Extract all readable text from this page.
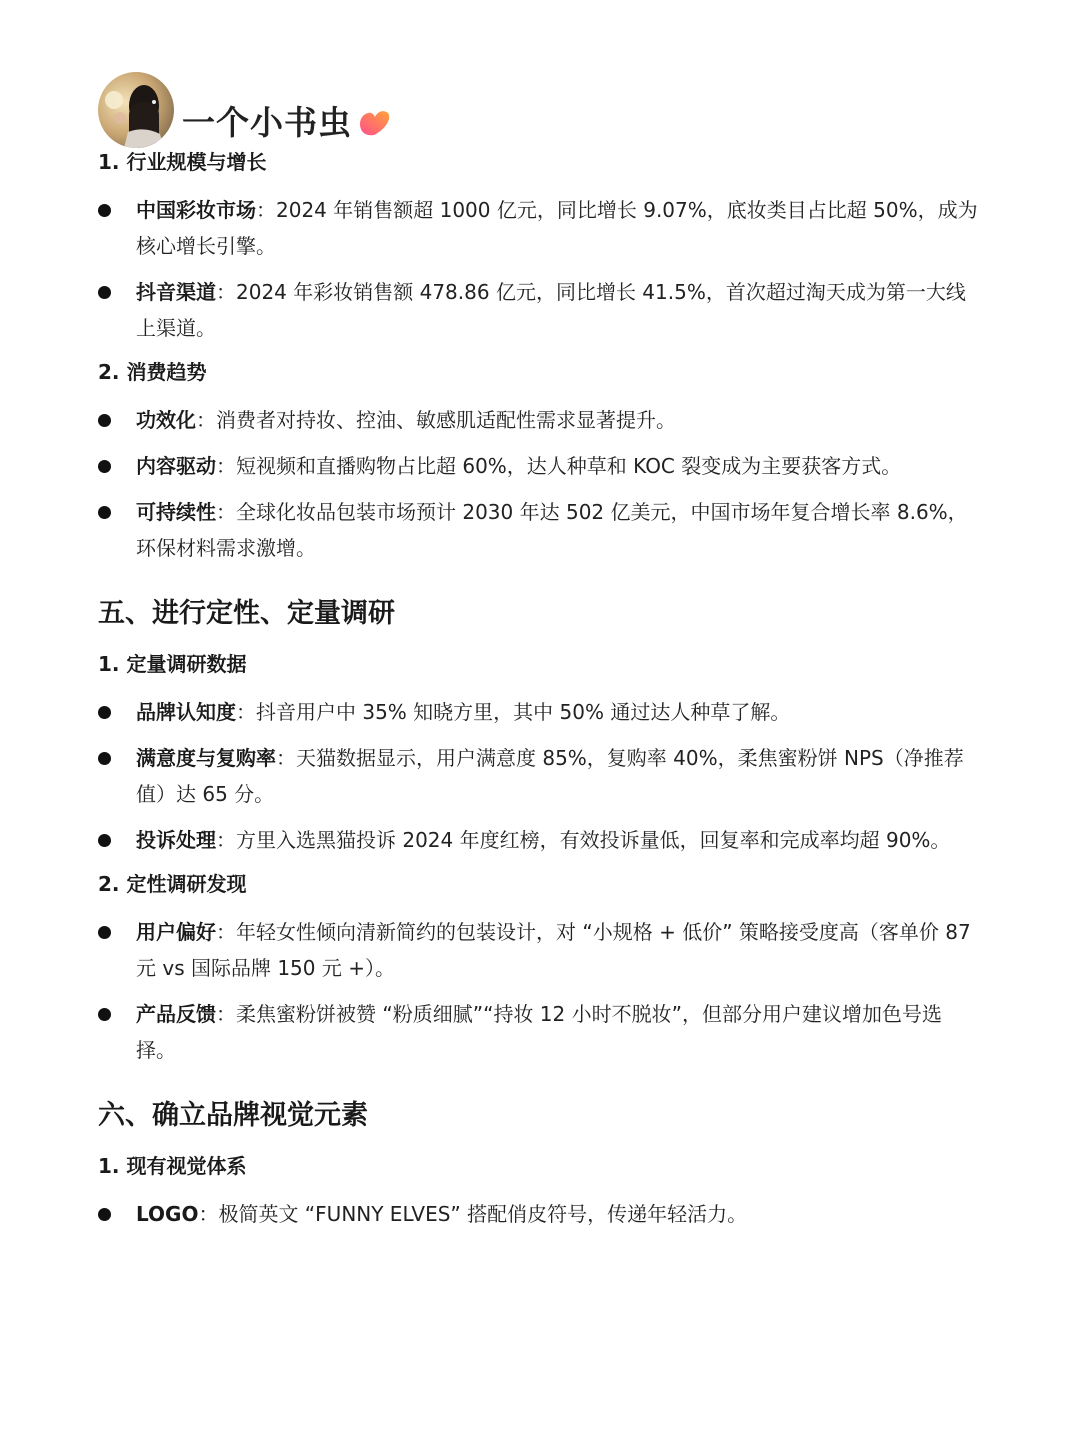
一个小书虫

1. 行业规模与增长

中国彩妆市场：2024 年销售额超 1000 亿元，同比增长 9.07%，底妆类目占比超 50%，成为核心增长引擎。

抖音渠道：2024 年彩妆销售额 478.86 亿元，同比增长 41.5%，首次超过淘天成为第一大线上渠道。

2. 消费趋势

功效化：消费者对持妆、控油、敏感肌适配性需求显著提升。

内容驱动：短视频和直播购物占比超 60%，达人种草和 KOC 裂变成为主要获客方式。

可持续性：全球化妆品包装市场预计 2030 年达 502 亿美元，中国市场年复合增长率 8.6%，环保材料需求激增。

五、进行定性、定量调研

1. 定量调研数据

品牌认知度：抖音用户中 35% 知晓方里，其中 50% 通过达人种草了解。

满意度与复购率：天猫数据显示，用户满意度 85%，复购率 40%，柔焦蜜粉饼 NPS（净推荐值）达 65 分。

投诉处理：方里入选黑猫投诉 2024 年度红榜，有效投诉量低，回复率和完成率均超 90%。

2. 定性调研发现

用户偏好：年轻女性倾向清新简约的包装设计，对 “小规格 + 低价” 策略接受度高（客单价 87 元 vs 国际品牌 150 元 +）。

产品反馈：柔焦蜜粉饼被赞 “粉质细腻”“持妆 12 小时不脱妆”，但部分用户建议增加色号选择。

六、确立品牌视觉元素

1. 现有视觉体系

LOGO：极简英文 “FUNNY ELVES” 搭配俏皮符号，传递年轻活力。
